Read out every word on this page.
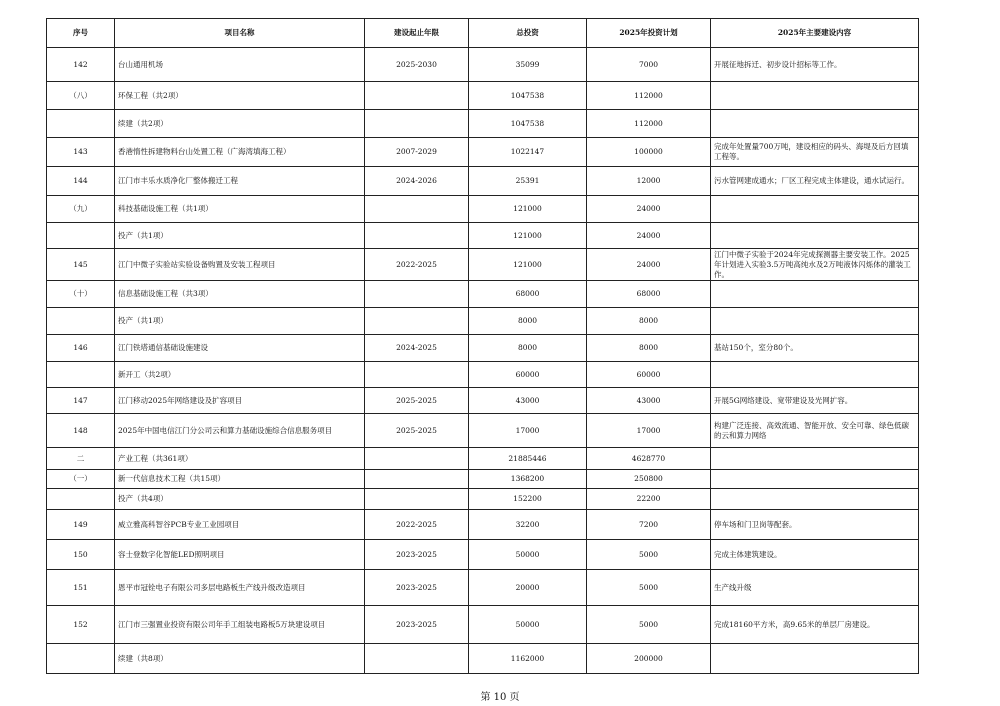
序号	项目名称	建设起止年限	总投资	2025年投资计划	2025年主要建设内容
142	台山通用机场	2025-2030	35099	7000	开展征地拆迁、初步设计招标等工作。
（八）	环保工程（共2项）		1047538	112000	
	续建（共2项）		1047538	112000	
143	香港惰性拆建物料台山处置工程（广海湾填海工程）	2007-2029	1022147	100000	完成年处置量700万吨，建设相应的码头、海堤及后方回填工程等。
144	江门市丰乐水质净化厂整体搬迁工程	2024-2026	25391	12000	污水管网建成通水；厂区工程完成主体建设，通水试运行。
（九）	科技基础设施工程（共1项）		121000	24000	
	投产（共1项）		121000	24000	
145	江门中微子实验站实验设备购置及安装工程项目	2022-2025	121000	24000	江门中微子实验于2024年完成探测器主要安装工作。2025年计划进入实验3.5万吨高纯水及2万吨液体闪烁体的灌装工作。
（十）	信息基础设施工程（共3项）		68000	68000	
	投产（共1项）		8000	8000	
146	江门铁塔通信基础设施建设	2024-2025	8000	8000	基站150个，室分80个。
	新开工（共2项）		60000	60000	
147	江门移动2025年网络建设及扩容项目	2025-2025	43000	43000	开展5G网络建设、宽带建设及光网扩容。
148	2025年中国电信江门分公司云和算力基础设施综合信息服务项目	2025-2025	17000	17000	构建广泛连接、高效流通、智能开放、安全可靠、绿色低碳的云和算力网络
二	产业工程（共361项）		21885446	4628770	
（一）	新一代信息技术工程（共15项）		1368200	250800	
	投产（共4项）		152200	22200	
149	威立雅高科智谷PCB专业工业园项目	2022-2025	32200	7200	停车场和门卫岗等配套。
150	容士登数字化智能LED照明项目	2023-2025	50000	5000	完成主体建筑建设。
151	恩平市冠铨电子有限公司多层电路板生产线升级改造项目	2023-2025	20000	5000	生产线升级
152	江门市三强置业投资有限公司年手工组装电路板5万块建设项目	2023-2025	50000	5000	完成18160平方米，高9.65米的单层厂房建设。
	续建（共8项）		1162000	200000	
第 10 页
